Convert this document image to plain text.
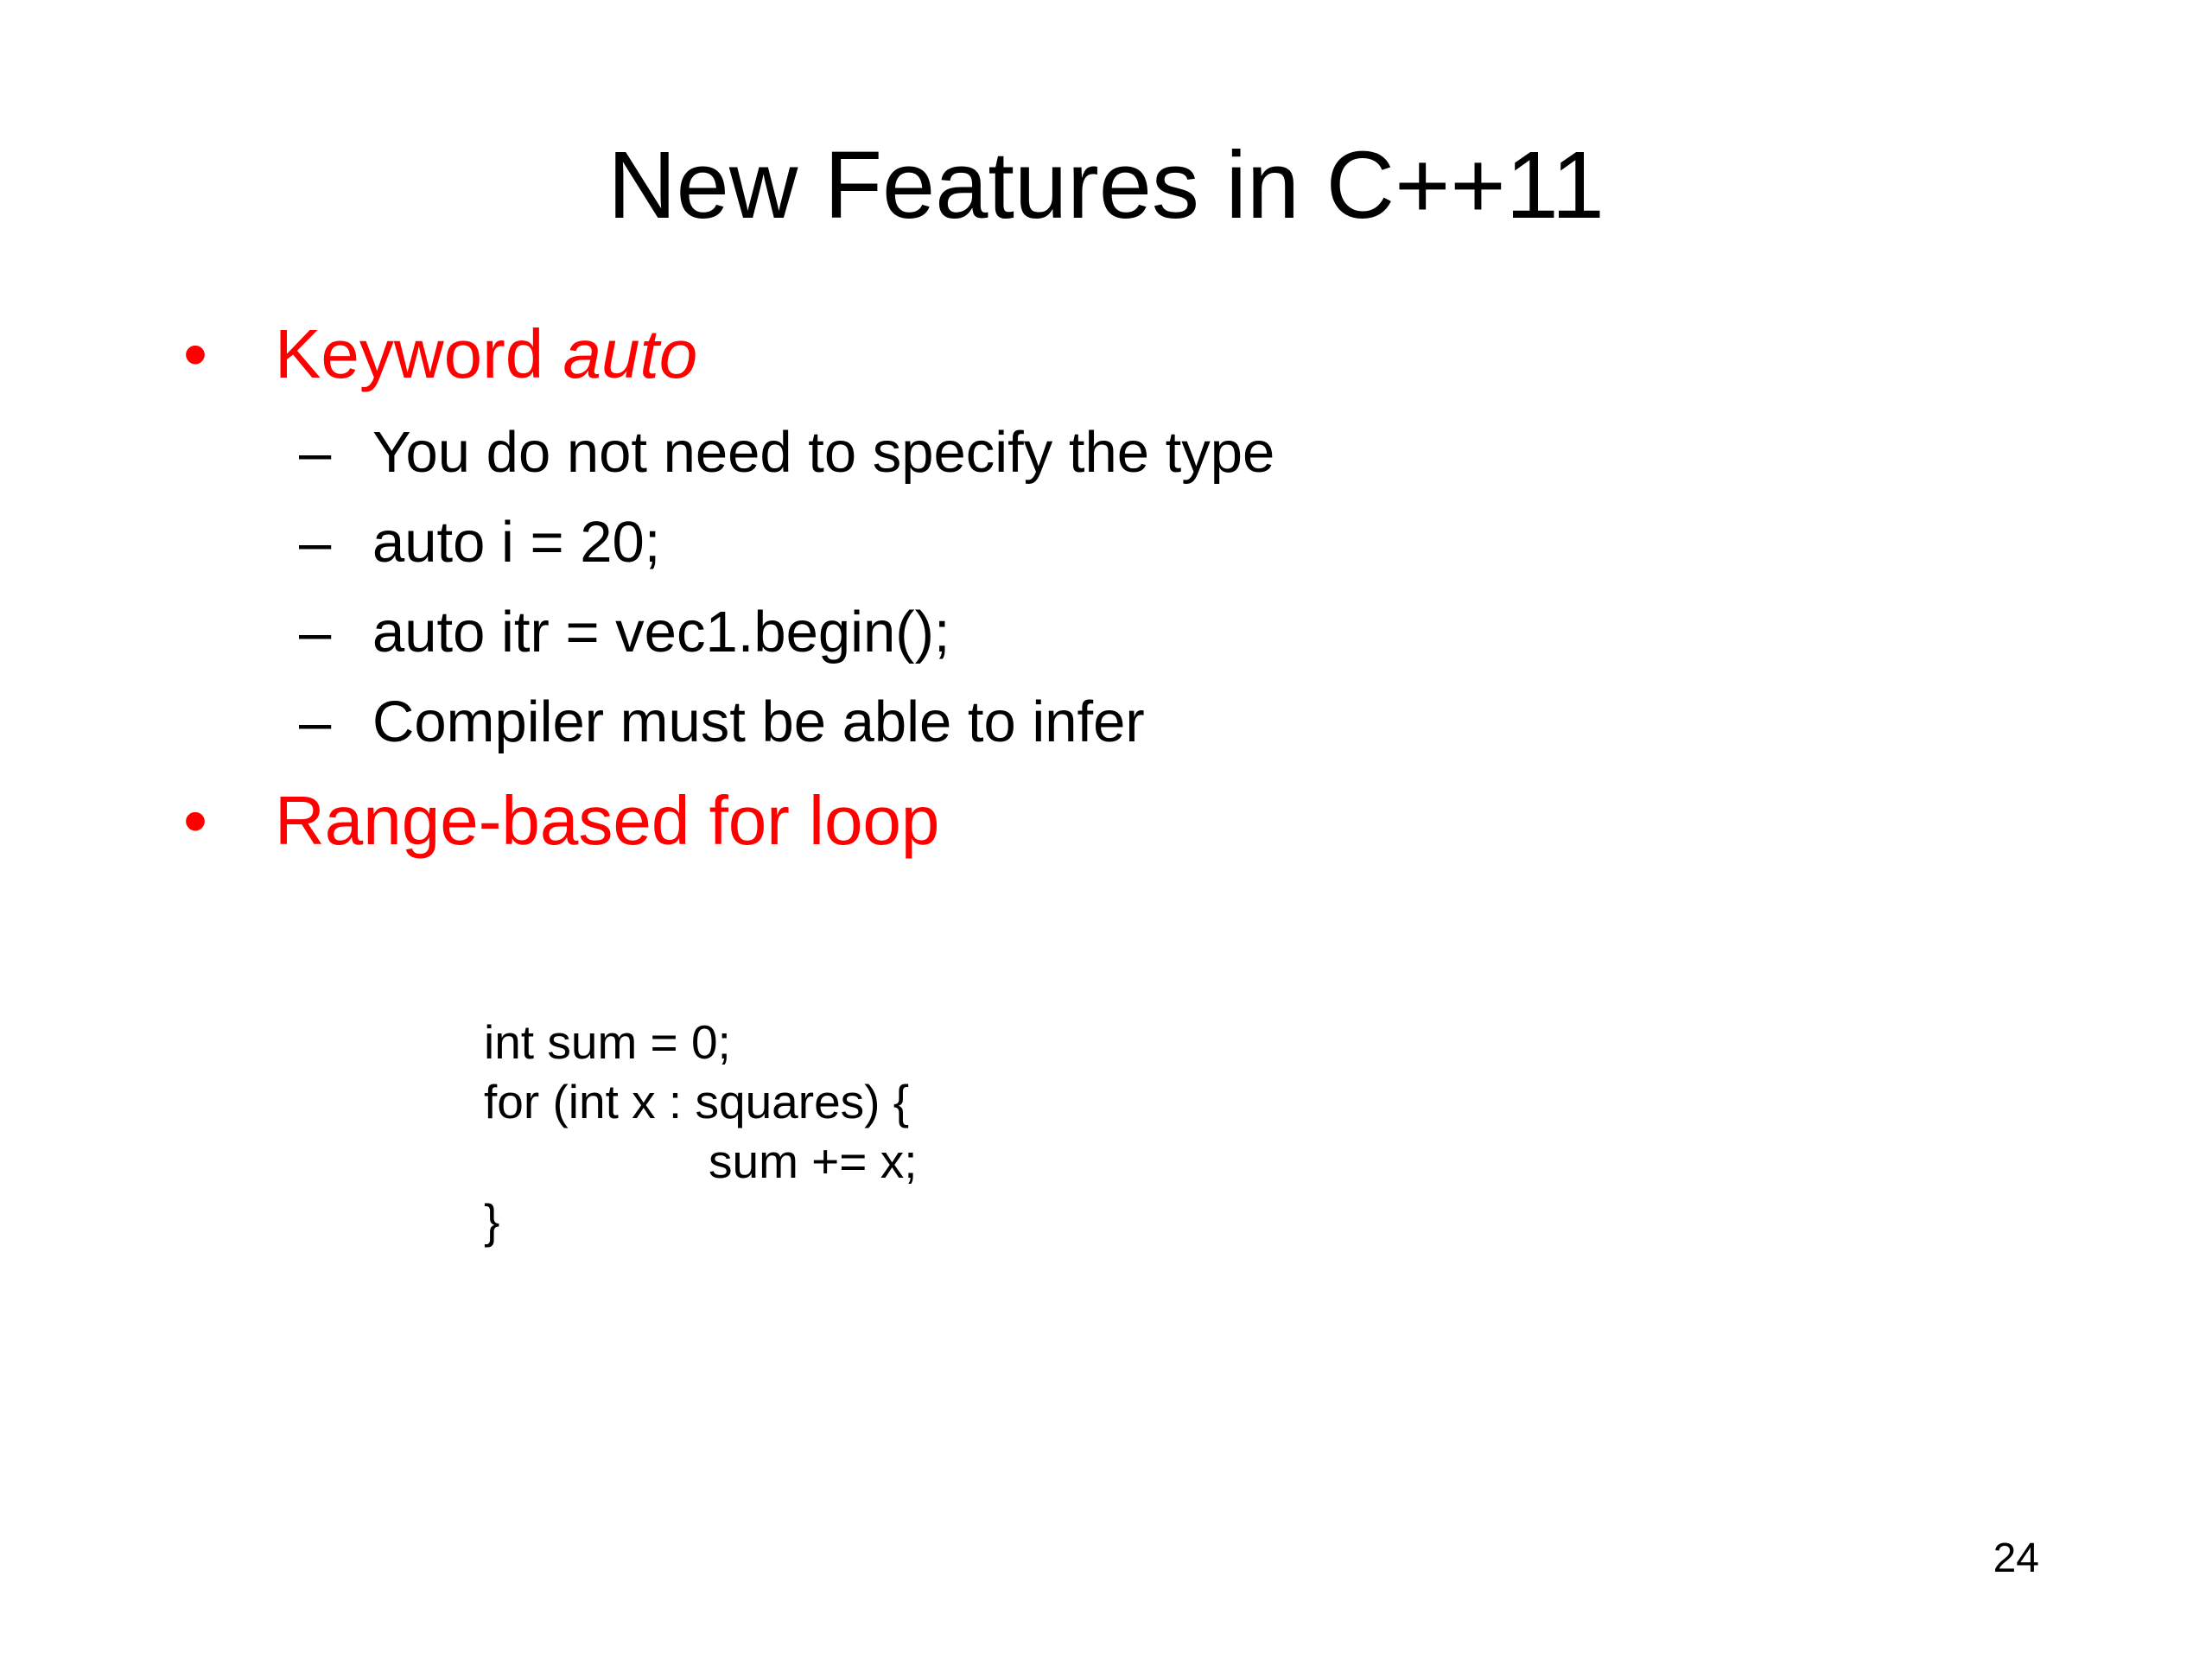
New Features in C++11
• Keyword auto
– You do not need to specify the type
– auto i = 20;
– auto itr = vec1.begin();
– Compiler must be able to infer
• Range-based for loop
int sum = 0;
for (int x : squares) {
sum += x;
}
24
